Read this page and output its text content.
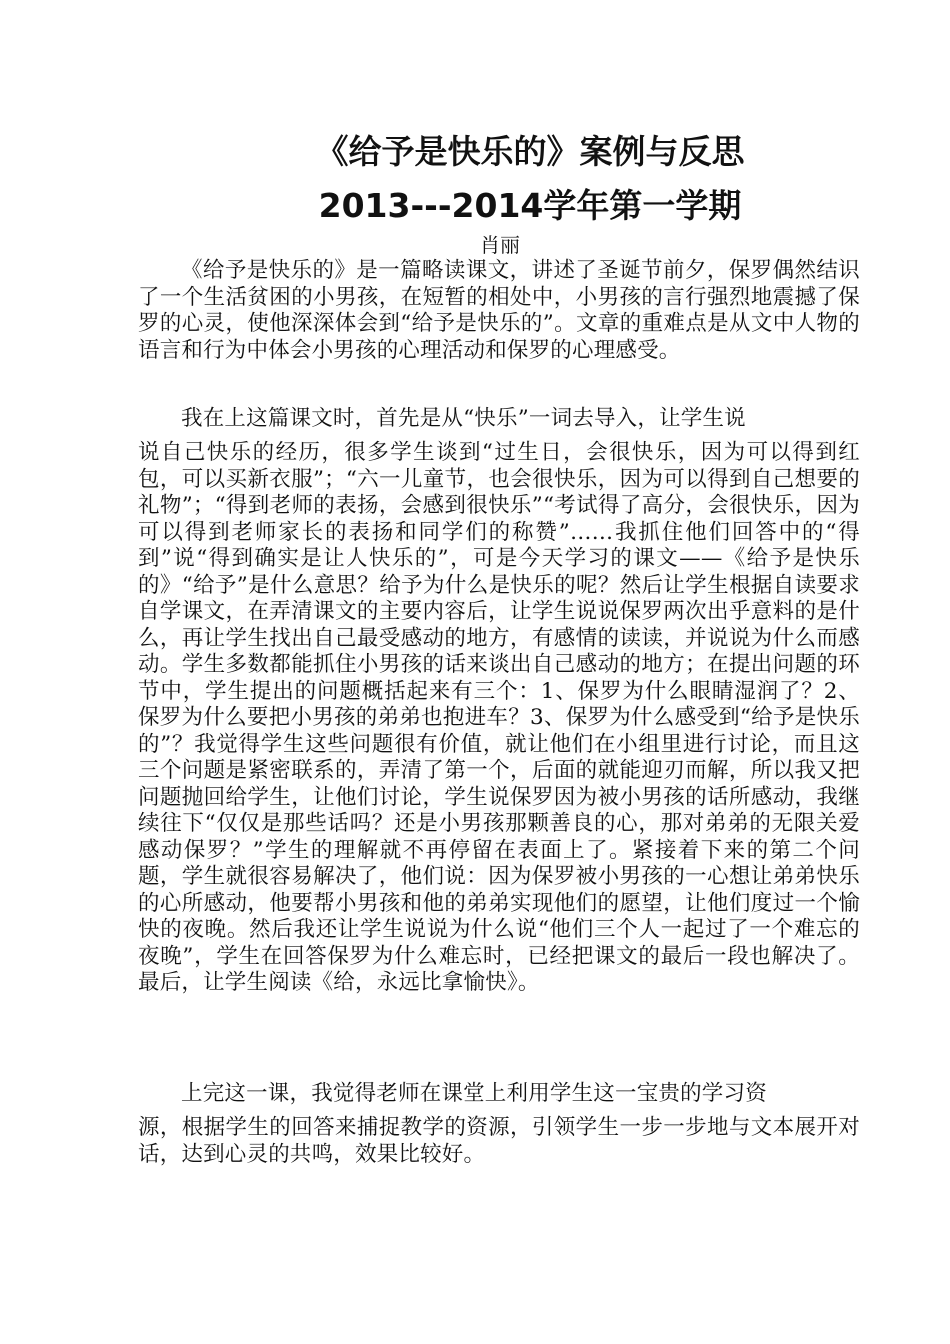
《给予是快乐的》案例与反思
2013---2014学年第一学期
肖丽

《给予是快乐的》是一篇略读课文，讲述了圣诞节前夕，保罗偶然结识了一个生活贫困的小男孩，在短暂的相处中，小男孩的言行强烈地震撼了保罗的心灵，使他深深体会到“给予是快乐的”。文章的重难点是从文中人物的语言和行为中体会小男孩的心理活动和保罗的心理感受。

我在上这篇课文时，首先是从“快乐”一词去导入，让学生说
说自己快乐的经历，很多学生谈到“过生日，会很快乐，因为可以得到红包，可以买新衣服”；“六一儿童节，也会很快乐，因为可以得到自己想要的礼物”；“得到老师的表扬，会感到很快乐”“考试得了高分，会很快乐，因为可以得到老师家长的表扬和同学们的称赞”……我抓住他们回答中的“得到”说“得到确实是让人快乐的”，可是今天学习的课文——《给予是快乐的》“给予”是什么意思？给予为什么是快乐的呢？然后让学生根据自读要求自学课文，在弄清课文的主要内容后，让学生说说保罗两次出乎意料的是什么，再让学生找出自己最受感动的地方，有感情的读读，并说说为什么而感动。学生多数都能抓住小男孩的话来谈出自己感动的地方；在提出问题的环节中，学生提出的问题概括起来有三个：1、保罗为什么眼睛湿润了？2、保罗为什么要把小男孩的弟弟也抱进车？3、保罗为什么感受到“给予是快乐的”？我觉得学生这些问题很有价值，就让他们在小组里进行讨论，而且这三个问题是紧密联系的，弄清了第一个，后面的就能迎刃而解，所以我又把问题抛回给学生，让他们讨论，学生说保罗因为被小男孩的话所感动，我继续往下“仅仅是那些话吗？还是小男孩那颗善良的心，那对弟弟的无限关爱感动保罗？”学生的理解就不再停留在表面上了。紧接着下来的第二个问题，学生就很容易解决了，他们说：因为保罗被小男孩的一心想让弟弟快乐的心所感动，他要帮小男孩和他的弟弟实现他们的愿望，让他们度过一个愉快的夜晚。然后我还让学生说说为什么说“他们三个人一起过了一个难忘的夜晚”，学生在回答保罗为什么难忘时，已经把课文的最后一段也解决了。最后，让学生阅读《给，永远比拿愉快》。

上完这一课，我觉得老师在课堂上利用学生这一宝贵的学习资
源，根据学生的回答来捕捉教学的资源，引领学生一步一步地与文本展开对话，达到心灵的共鸣，效果比较好。
